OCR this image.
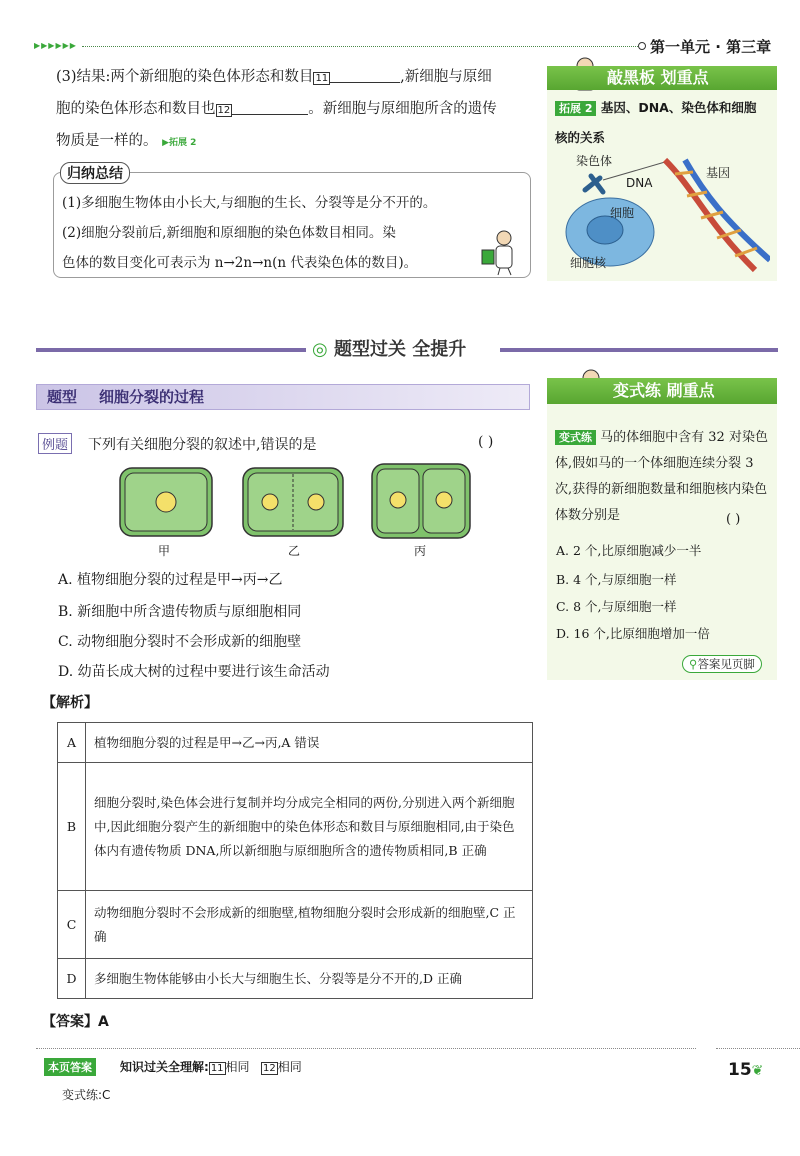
▶▶▶▶▶▶	第一单元 · 第三章
(3)结果:两个新细胞的染色体形态和数目 11	,新细胞与原细
胞的染色体形态和数目也 12	。新细胞与原细胞所含的遗传
物质是一样的。 ▶拓展 2
归纳总结
(1)多细胞生物体由小长大,与细胞的生长、分裂等是分不开的。
(2)细胞分裂前后,新细胞和原细胞的染色体数目相同。染
色体的数目变化可表示为 n→2n→n(n 代表染色体的数目)。
敲黑板 划重点
拓展 2 基因、DNA、染色体和细胞
核的关系
染色体
DNA
基因
细胞
细胞核
◎ 题型过关 全提升
题型 细胞分裂的过程
例题 下列有关细胞分裂的叙述中,错误的是	( )
甲	乙	丙
A. 植物细胞分裂的过程是甲→丙→乙
B. 新细胞中所含遗传物质与原细胞相同
C. 动物细胞分裂时不会形成新的细胞壁
D. 幼苗长成大树的过程中要进行该生命活动
【解析】
A	植物细胞分裂的过程是甲→乙→丙,A 错误
B	细胞分裂时,染色体会进行复制并均分成完全相同的两份,分别进入两个新细胞中,因此细胞分裂产生的新细胞中的染色体形态和数目与原细胞相同,由于染色体内有遗传物质 DNA,所以新细胞与原细胞所含的遗传物质相同,B 正确
C	动物细胞分裂时不会形成新的细胞壁,植物细胞分裂时会形成新的细胞壁,C 正确
D	多细胞生物体能够由小长大与细胞生长、分裂等是分不开的,D 正确
【答案】A
变式练 刷重点
变式练 马的体细胞中含有 32 对染色体,假如马的一个体细胞连续分裂 3 次,获得的新细胞数量和细胞核内染色体数分别是	( )
A. 2 个,比原细胞减少一半
B. 4 个,与原细胞一样
C. 8 个,与原细胞一样
D. 16 个,比原细胞增加一倍
⚲答案见页脚
本页答案	知识过关全理解: 11 相同 12 相同
变式练:C
15❦
